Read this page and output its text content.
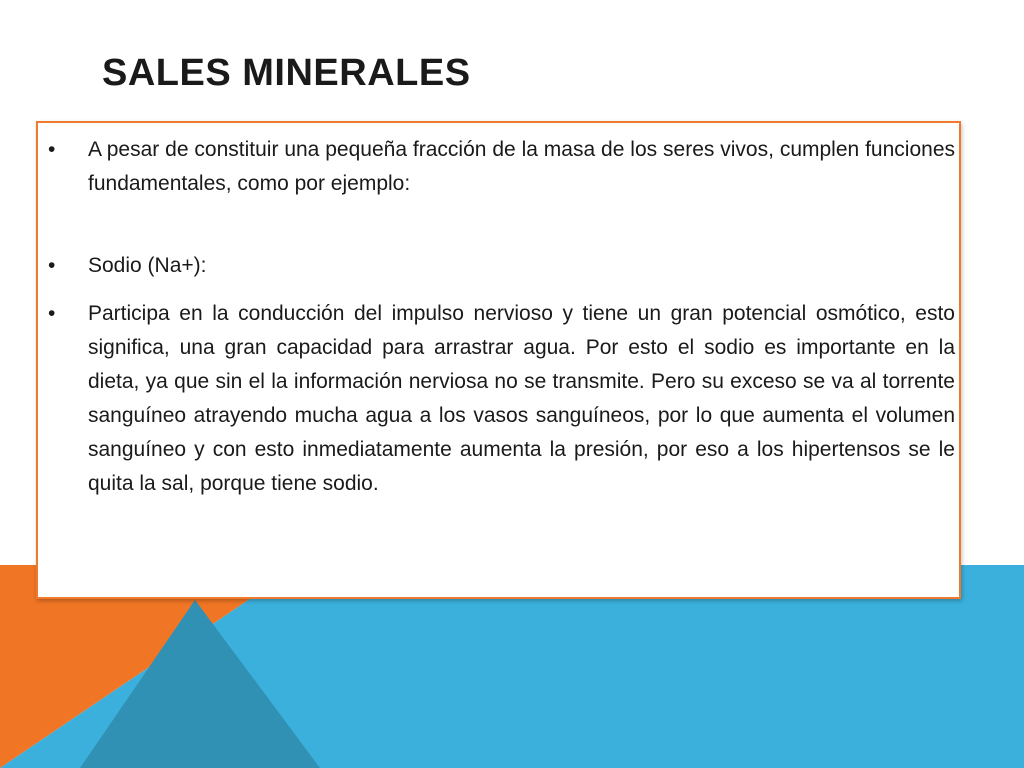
SALES MINERALES
•	A pesar de constituir una pequeña fracción de la masa de los seres vivos, cumplen funciones fundamentales, como por ejemplo:
•	Sodio (Na+):
•	Participa en la conducción del impulso nervioso y tiene un gran potencial osmótico, esto significa, una gran capacidad para arrastrar agua. Por esto el sodio es importante en la dieta, ya que sin el la información nerviosa no se transmite. Pero su exceso se va al torrente sanguíneo atrayendo mucha agua a los vasos sanguíneos, por lo que aumenta el volumen sanguíneo y con esto inmediatamente aumenta la presión, por eso a los hipertensos se le quita la sal, porque tiene sodio.
